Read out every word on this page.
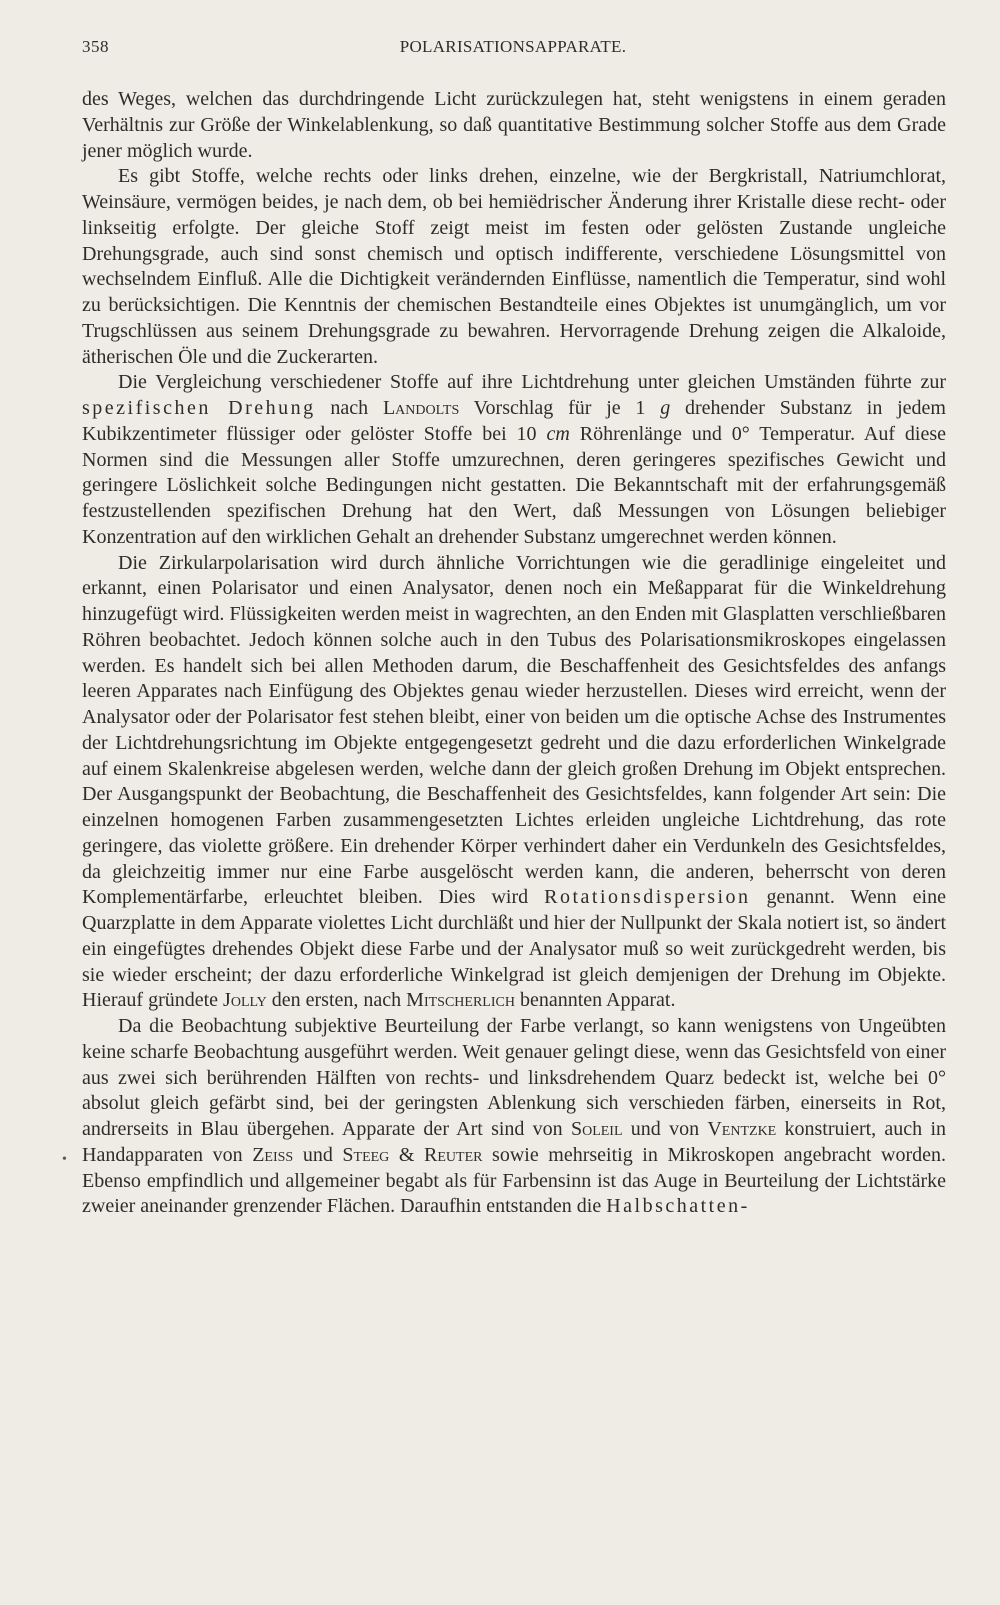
358	POLARISATIONSAPPARATE.
•

des Weges, welchen das durchdringende Licht zurückzulegen hat, steht wenigstens in einem geraden Verhältnis zur Größe der Winkelablenkung, so daß quantitative Bestimmung solcher Stoffe aus dem Grade jener möglich wurde.

Es gibt Stoffe, welche rechts oder links drehen, einzelne, wie der Bergkristall, Natriumchlorat, Weinsäure, vermögen beides, je nach dem, ob bei hemiëdrischer Änderung ihrer Kristalle diese recht- oder linkseitig erfolgte. Der gleiche Stoff zeigt meist im festen oder gelösten Zustande ungleiche Drehungsgrade, auch sind sonst chemisch und optisch indifferente, verschiedene Lösungsmittel von wechselndem Einfluß. Alle die Dichtigkeit verändernden Einflüsse, namentlich die Temperatur, sind wohl zu berücksichtigen. Die Kenntnis der chemischen Bestandteile eines Objektes ist unumgänglich, um vor Trugschlüssen aus seinem Drehungsgrade zu bewahren. Hervorragende Drehung zeigen die Alkaloide, ätherischen Öle und die Zuckerarten.

Die Vergleichung verschiedener Stoffe auf ihre Lichtdrehung unter gleichen Umständen führte zur spezifischen Drehung nach Landolts Vorschlag für je 1 g drehender Substanz in jedem Kubikzentimeter flüssiger oder gelöster Stoffe bei 10 cm Röhrenlänge und 0° Temperatur. Auf diese Normen sind die Messungen aller Stoffe umzurechnen, deren geringeres spezifisches Gewicht und geringere Löslichkeit solche Bedingungen nicht gestatten. Die Bekanntschaft mit der erfahrungsgemäß festzustellenden spezifischen Drehung hat den Wert, daß Messungen von Lösungen beliebiger Konzentration auf den wirklichen Gehalt an drehender Substanz umgerechnet werden können.

Die Zirkularpolarisation wird durch ähnliche Vorrichtungen wie die geradlinige eingeleitet und erkannt, einen Polarisator und einen Analysator, denen noch ein Meßapparat für die Winkeldrehung hinzugefügt wird. Flüssigkeiten werden meist in wagrechten, an den Enden mit Glasplatten verschließbaren Röhren beobachtet. Jedoch können solche auch in den Tubus des Polarisationsmikroskopes eingelassen werden. Es handelt sich bei allen Methoden darum, die Beschaffenheit des Gesichtsfeldes des anfangs leeren Apparates nach Einfügung des Objektes genau wieder herzustellen. Dieses wird erreicht, wenn der Analysator oder der Polarisator fest stehen bleibt, einer von beiden um die optische Achse des Instrumentes der Lichtdrehungsrichtung im Objekte entgegengesetzt gedreht und die dazu erforderlichen Winkelgrade auf einem Skalenkreise abgelesen werden, welche dann der gleich großen Drehung im Objekt entsprechen. Der Ausgangspunkt der Beobachtung, die Beschaffenheit des Gesichtsfeldes, kann folgender Art sein: Die einzelnen homogenen Farben zusammengesetzten Lichtes erleiden ungleiche Lichtdrehung, das rote geringere, das violette größere. Ein drehender Körper verhindert daher ein Verdunkeln des Gesichtsfeldes, da gleichzeitig immer nur eine Farbe ausgelöscht werden kann, die anderen, beherrscht von deren Komplementärfarbe, erleuchtet bleiben. Dies wird Rotationsdispersion genannt. Wenn eine Quarzplatte in dem Apparate violettes Licht durchläßt und hier der Nullpunkt der Skala notiert ist, so ändert ein eingefügtes drehendes Objekt diese Farbe und der Analysator muß so weit zurückgedreht werden, bis sie wieder erscheint; der dazu erforderliche Winkelgrad ist gleich demjenigen der Drehung im Objekte. Hierauf gründete Jolly den ersten, nach Mitscherlich benannten Apparat.

Da die Beobachtung subjektive Beurteilung der Farbe verlangt, so kann wenigstens von Ungeübten keine scharfe Beobachtung ausgeführt werden. Weit genauer gelingt diese, wenn das Gesichtsfeld von einer aus zwei sich berührenden Hälften von rechts- und linksdrehendem Quarz bedeckt ist, welche bei 0° absolut gleich gefärbt sind, bei der geringsten Ablenkung sich verschieden färben, einerseits in Rot, andrerseits in Blau übergehen. Apparate der Art sind von Soleil und von Ventzke konstruiert, auch in Handapparaten von Zeiss und Steeg & Reuter sowie mehrseitig in Mikroskopen angebracht worden. Ebenso empfindlich und allgemeiner begabt als für Farbensinn ist das Auge in Beurteilung der Lichtstärke zweier aneinander grenzender Flächen. Daraufhin entstanden die Halbschatten-
